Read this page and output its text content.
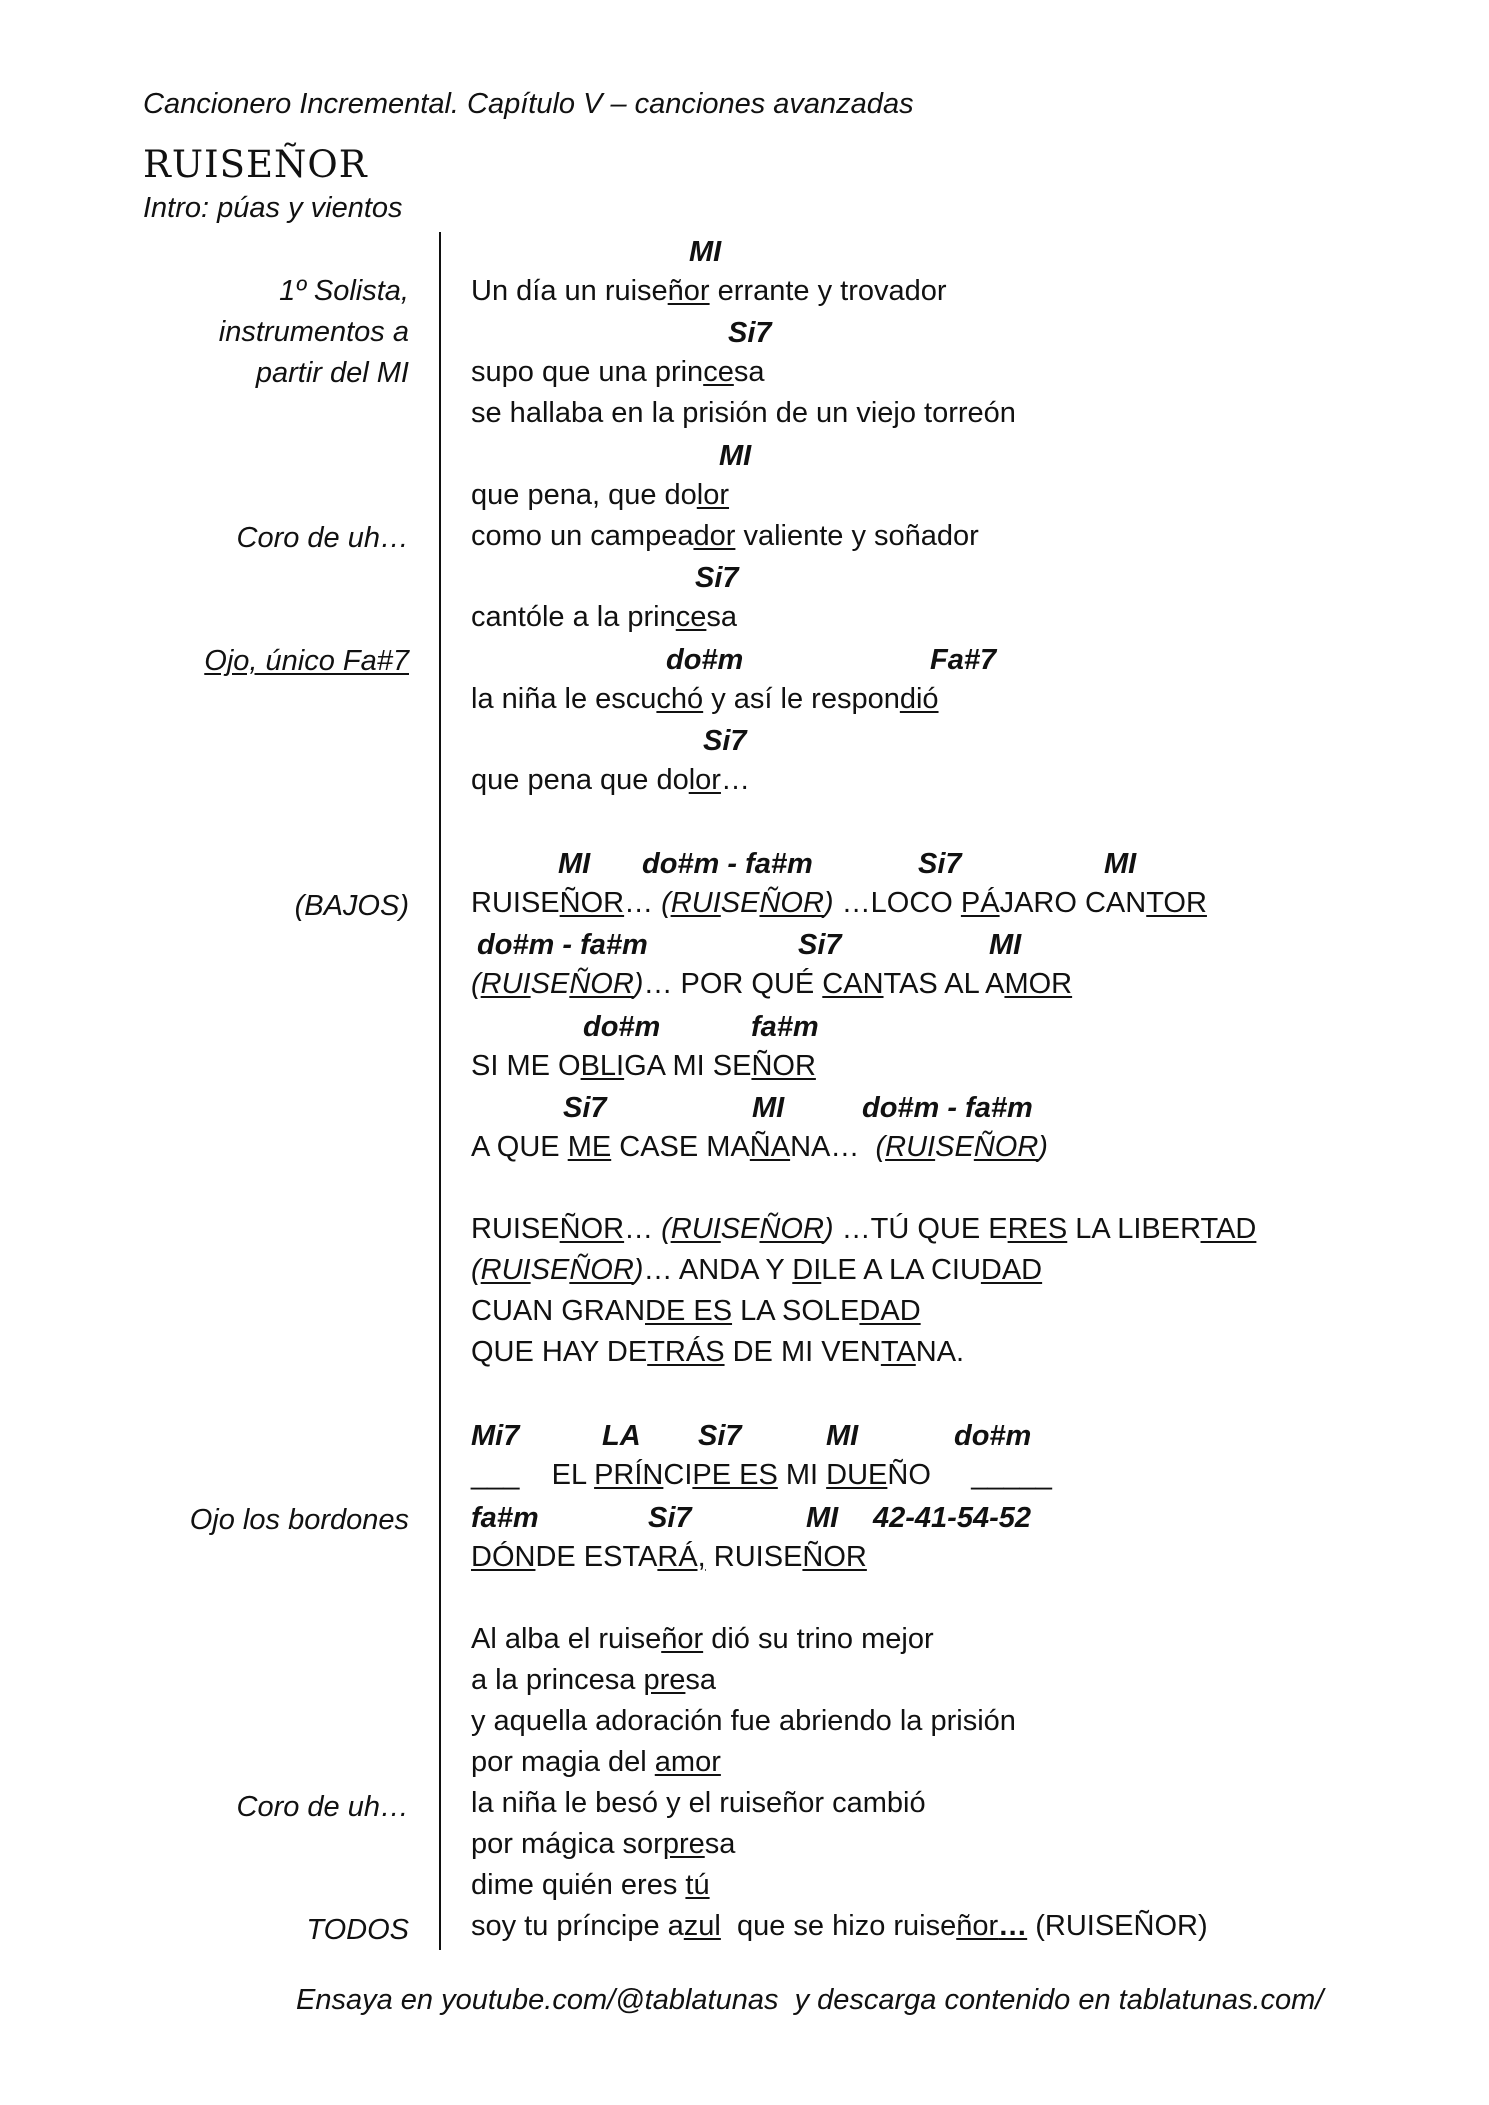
Cancionero Incremental. Capítulo V – canciones avanzadas
RUISEÑOR
Intro: púas y vientos
1º Solista,
instrumentos a
partir del MI
Coro de uh…
Ojo, único Fa#7
(BAJOS)
Ojo los bordones
Coro de uh…
TODOS
MI
Un día un ruiseñor errante y trovador
Si7
supo que una princesa
se hallaba en la prisión de un viejo torreón
MI
que pena, que dolor
como un campeador valiente y soñador
Si7
cantóle a la princesa
do#m	Fa#7
la niña le escuchó y así le respondió
Si7
que pena que dolor…
MI do#m - fa#m	Si7	MI
RUISEÑOR… (RUISEÑOR) …LOCO PÁJARO CANTOR
do#m - fa#m	Si7	MI
(RUISEÑOR)… POR QUÉ CANTAS AL AMOR
do#m	fa#m
SI ME OBLIGA MI SEÑOR
Si7	MI	do#m - fa#m
A QUE ME CASE MAÑANA…  (RUISEÑOR)
RUISEÑOR… (RUISEÑOR) …TÚ QUE ERES LA LIBERTAD
(RUISEÑOR)… ANDA Y DILE A LA CIUDAD
CUAN GRANDE ES LA SOLEDAD
QUE HAY DETRÁS DE MI VENTANA.
Mi7	LA Si7	MI	do#m
___ EL PRÍNCIPE ES MI DUEÑO _____
fa#m	Si7	MI 42-41-54-52
DÓNDE ESTARÁ, RUISEÑOR
Al alba el ruiseñor dió su trino mejor
a la princesa presa
y aquella adoración fue abriendo la prisión
por magia del amor
la niña le besó y el ruiseñor cambió
por mágica sorpresa
dime quién eres tú
soy tu príncipe azul  que se hizo ruiseñor… (RUISEÑOR)
Ensaya en youtube.com/@tablatunas  y descarga contenido en tablatunas.com/
